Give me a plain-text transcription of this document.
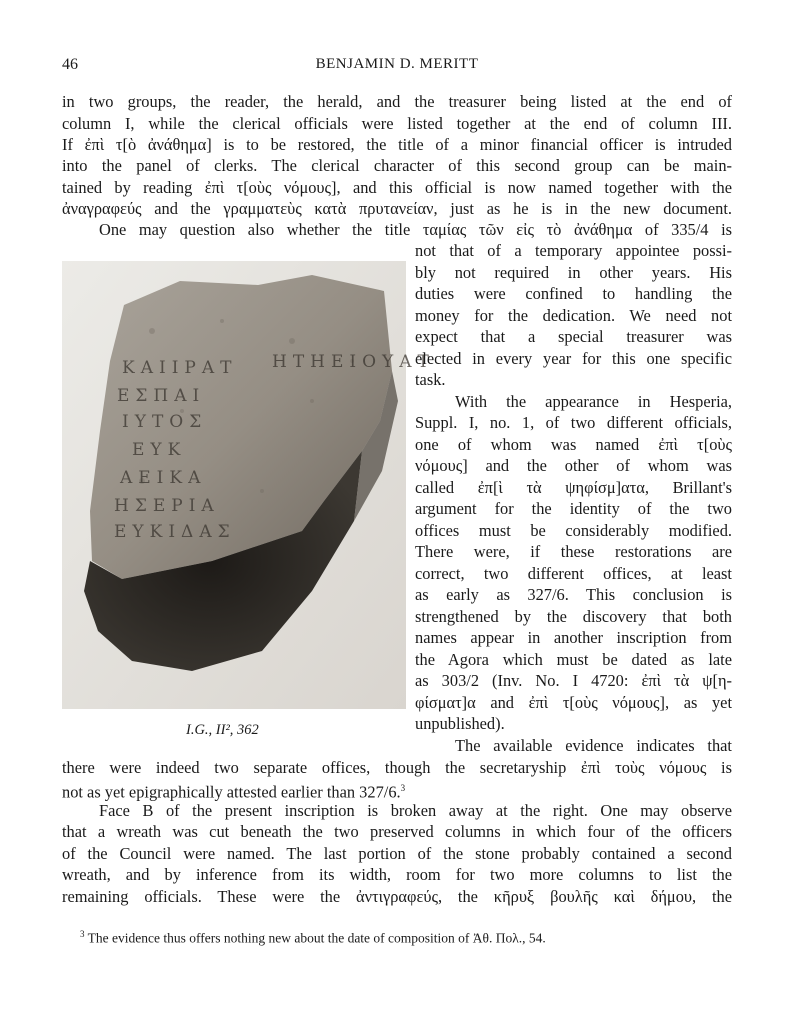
46	BENJAMIN D. MERITT
in two groups, the reader, the herald, and the treasurer being listed at the end of
column I, while the clerical officials were listed together at the end of column III.
If ἐπὶ τ[ὸ ἀνάθημα] is to be restored, the title of a minor financial officer is intruded
into the panel of clerks. The clerical character of this second group can be main-
tained by reading ἐπὶ τ[οὺς νόμους], and this official is now named together with the
ἀναγραφεύς and the γραμματεὺς κατὰ πρυτανείαν, just as he is in the new document.
One may question also whether the title ταμίας τῶν εἰς τὸ ἀνάθημα of 335/4 is
ΗΤΗΕΙΟΥΑΤ
ΚΑΙΙΡΑΤ
ΕΣΠΑΙ
ΙΥΤΟΣ
ΕΥΚ
ΑΕΙΚΑ
ΗΣΕΡΙΑ
ΕΥΚΙΔΑΣ
I.G., II², 362
not that of a temporary appointee possi-
bly not required in other years. His
duties were confined to handling the
money for the dedication. We need not
expect that a special treasurer was
elected in every year for this one specific
task.
With the appearance in Hesperia,
Suppl. I, no. 1, of two different officials,
one of whom was named ἐπὶ τ[οὺς
νόμους] and the other of whom was
called ἐπ[ὶ τὰ ψηφίσμ]ατα, Brillant's
argument for the identity of the two
offices must be considerably modified.
There were, if these restorations are
correct, two different offices, at least
as early as 327/6. This conclusion is
strengthened by the discovery that both
names appear in another inscription from
the Agora which must be dated as late
as 303/2 (Inv. No. I 4720: ἐπὶ τὰ ψ[η-
φίσματ]α and ἐπὶ τ[οὺς νόμους], as yet
unpublished).
The available evidence indicates that
there were indeed two separate offices, though the secretaryship ἐπὶ τοὺς νόμους is
not as yet epigraphically attested earlier than 327/6.$^3$
Face B of the present inscription is broken away at the right. One may observe
that a wreath was cut beneath the two preserved columns in which four of the officers
of the Council were named. The last portion of the stone probably contained a second
wreath, and by inference from its width, room for two more columns to list the
remaining officials. These were the ἀντιγραφεύς, the κῆρυξ βουλῆς καὶ δήμου, the
$^3$ The evidence thus offers nothing new about the date of composition of Ἀθ. Πολ., 54.
